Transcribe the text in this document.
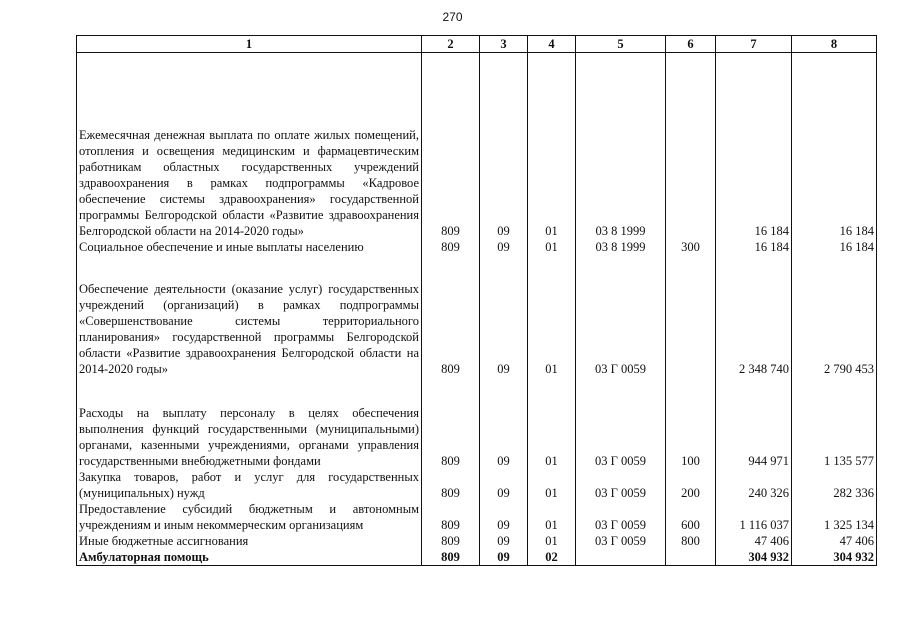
270
1	2	3	4	5	6	7	8
Ежемесячная денежная выплата по оплате жилых помещений, отопления и освещения медицинским и фармацевтическим работникам областных государственных учреждений здравоохранения в рамках подпрограммы «Кадровое обеспечение системы здравоохранения» государственной программы Белгородской области «Развитие здравоохранения Белгородской области на 2014-2020 годы»	809	09	01	03 8 1999		16 184	16 184
Социальное обеспечение и иные выплаты населению	809	09	01	03 8 1999	300	16 184	16 184
Обеспечение деятельности (оказание услуг) государственных учреждений (организаций) в рамках подпрограммы «Совершенствование системы территориального планирования» государственной программы Белгородской области «Развитие здравоохранения Белгородской области на 2014-2020 годы»	809	09	01	03 Г 0059		2 348 740	2 790 453
Расходы на выплату персоналу в целях обеспечения выполнения функций государственными (муниципальными) органами, казенными учреждениями, органами управления государственными внебюджетными фондами	809	09	01	03 Г 0059	100	944 971	1 135 577
Закупка товаров, работ и услуг для государственных (муниципальных) нужд	809	09	01	03 Г 0059	200	240 326	282 336
Предоставление субсидий бюджетным и автономным учреждениям и иным некоммерческим организациям	809	09	01	03 Г 0059	600	1 116 037	1 325 134
Иные бюджетные ассигнования	809	09	01	03 Г 0059	800	47 406	47 406
Амбулаторная помощь	809	09	02			304 932	304 932
